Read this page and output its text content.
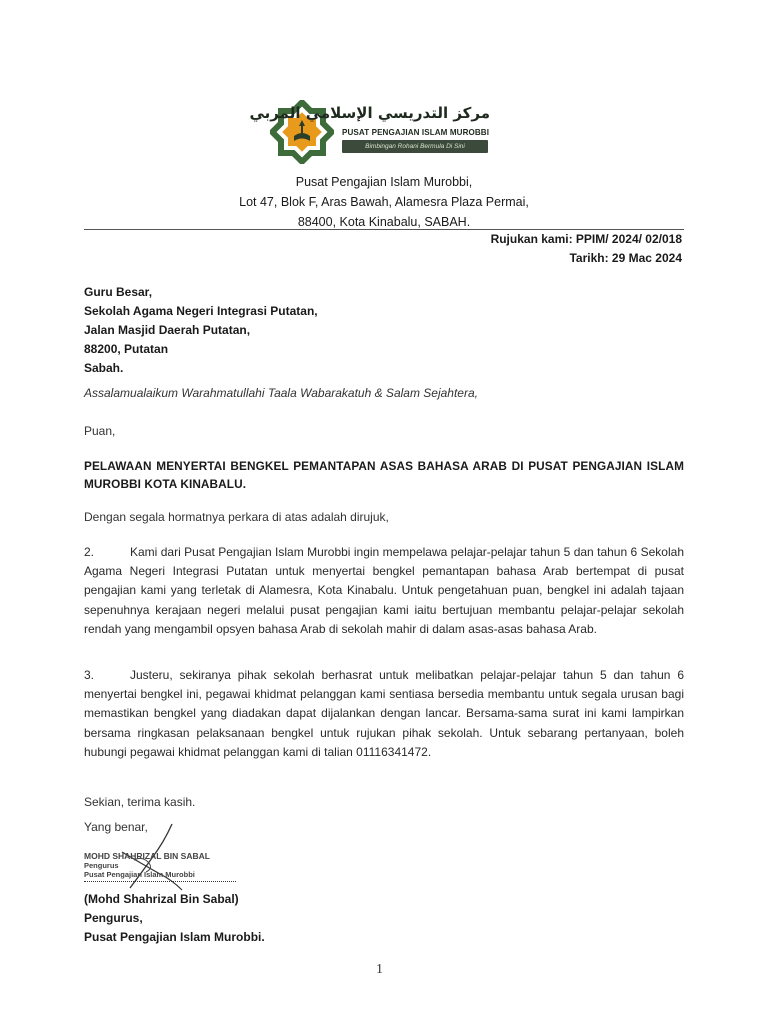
مركز التدريسي الإسلامي المربي
PUSAT PENGAJIAN ISLAM MUROBBI
Bimbingan Rohani Bermula Di Sini
Pusat Pengajian Islam Murobbi,
Lot 47, Blok F, Aras Bawah, Alamesra Plaza Permai,
88400, Kota Kinabalu, SABAH.
Rujukan kami: PPIM/ 2024/ 02/018
Tarikh: 29 Mac 2024
Guru Besar,
Sekolah Agama Negeri Integrasi Putatan,
Jalan Masjid Daerah Putatan,
88200, Putatan
Sabah.
Assalamualaikum Warahmatullahi Taala Wabarakatuh & Salam Sejahtera,
Puan,
PELAWAAN MENYERTAI BENGKEL PEMANTAPAN ASAS BAHASA ARAB DI PUSAT PENGAJIAN ISLAM MUROBBI KOTA KINABALU.
Dengan segala hormatnya perkara di atas adalah dirujuk,

2.	Kami dari Pusat Pengajian Islam Murobbi ingin mempelawa pelajar-pelajar tahun 5 dan tahun 6 Sekolah Agama Negeri Integrasi Putatan untuk menyertai bengkel pemantapan bahasa Arab bertempat di pusat pengajian kami yang terletak di Alamesra, Kota Kinabalu. Untuk pengetahuan puan, bengkel ini adalah tajaan sepenuhnya kerajaan negeri melalui pusat pengajian kami iaitu bertujuan membantu pelajar-pelajar sekolah rendah yang mengambil opsyen bahasa Arab di sekolah mahir di dalam asas-asas bahasa Arab.

3.	Justeru, sekiranya pihak sekolah berhasrat untuk melibatkan pelajar-pelajar tahun 5 dan tahun 6 menyertai bengkel ini, pegawai khidmat pelanggan kami sentiasa bersedia membantu untuk segala urusan bagi memastikan bengkel yang diadakan dapat dijalankan dengan lancar. Bersama-sama surat ini kami lampirkan bersama ringkasan pelaksanaan bengkel untuk rujukan pihak sekolah. Untuk sebarang pertanyaan, boleh hubungi pegawai khidmat pelanggan kami di talian 01116341472.

Sekian, terima kasih.
Yang benar,
MOHD SHAHRIZAL BIN SABAL
Pengurus
Pusat Pengajian Islam Murobbi
(Mohd Shahrizal Bin Sabal)
Pengurus,
Pusat Pengajian Islam Murobbi.
1
